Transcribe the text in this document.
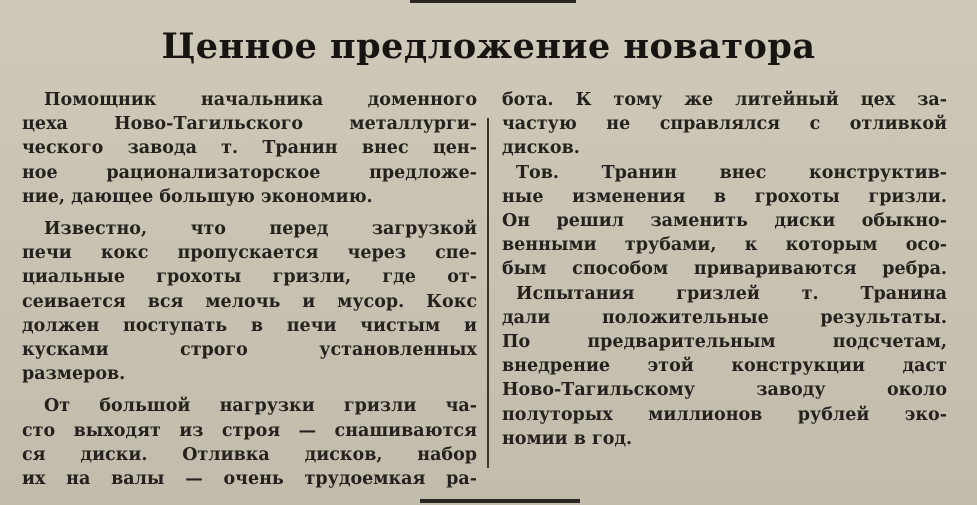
Ценное предложение новатора
Помощник начальника доменного
цеха Ново-Тагильского металлурги-
ческого завода т. Транин внес цен-
ное рационализаторское предложе-
ние, дающее большую экономию.
Известно, что перед загрузкой
печи кокс пропускается через спе-
циальные грохоты гризли, где от-
сеивается вся мелочь и мусор. Кокс
должен поступать в печи чистым и
кусками строго установленных
размеров.
От большой нагрузки гризли ча-
сто выходят из строя — снашиваются
ся диски. Отливка дисков, набор
их на валы — очень трудоемкая ра-
бота. К тому же литейный цех за-
частую не справлялся с отливкой
дисков.
Тов. Транин внес конструктив-
ные изменения в грохоты гризли.
Он решил заменить диски обыкно-
венными трубами, к которым осо-
бым способом привариваются ребра.
Испытания гризлей т. Транина
дали положительные результаты.
По предварительным подсчетам,
внедрение этой конструкции даст
Ново-Тагильскому заводу около
полуторых миллионов рублей эко-
номии в год.
